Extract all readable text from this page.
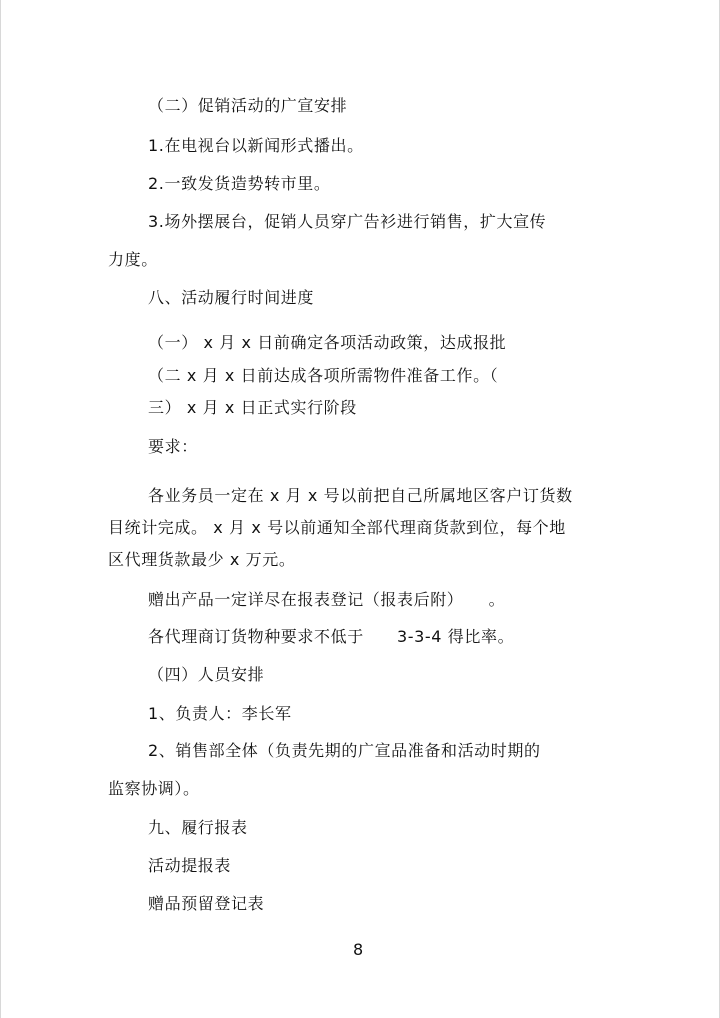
（二）促销活动的广宣安排
1.在电视台以新闻形式播出。
2.一致发货造势转市里。
3.场外摆展台，促销人员穿广告衫进行销售，扩大宣传
力度。
八、活动履行时间进度
（一） x 月 x 日前确定各项活动政策，达成报批
（二 x 月 x 日前达成各项所需物件准备工作。（
三） x 月 x 日正式实行阶段
要求：
各业务员一定在 x 月 x 号以前把自己所属地区客户订货数
目统计完成。 x 月 x 号以前通知全部代理商货款到位，每个地
区代理货款最少 x 万元。
赠出产品一定详尽在报表登记（报表后附）　　。
各代理商订货物种要求不低于　　3-3-4 得比率。
（四）人员安排
1、负责人：李长军
2、销售部全体（负责先期的广宣品准备和活动时期的
监察协调）。
九、履行报表
活动提报表
赠品预留登记表
8
